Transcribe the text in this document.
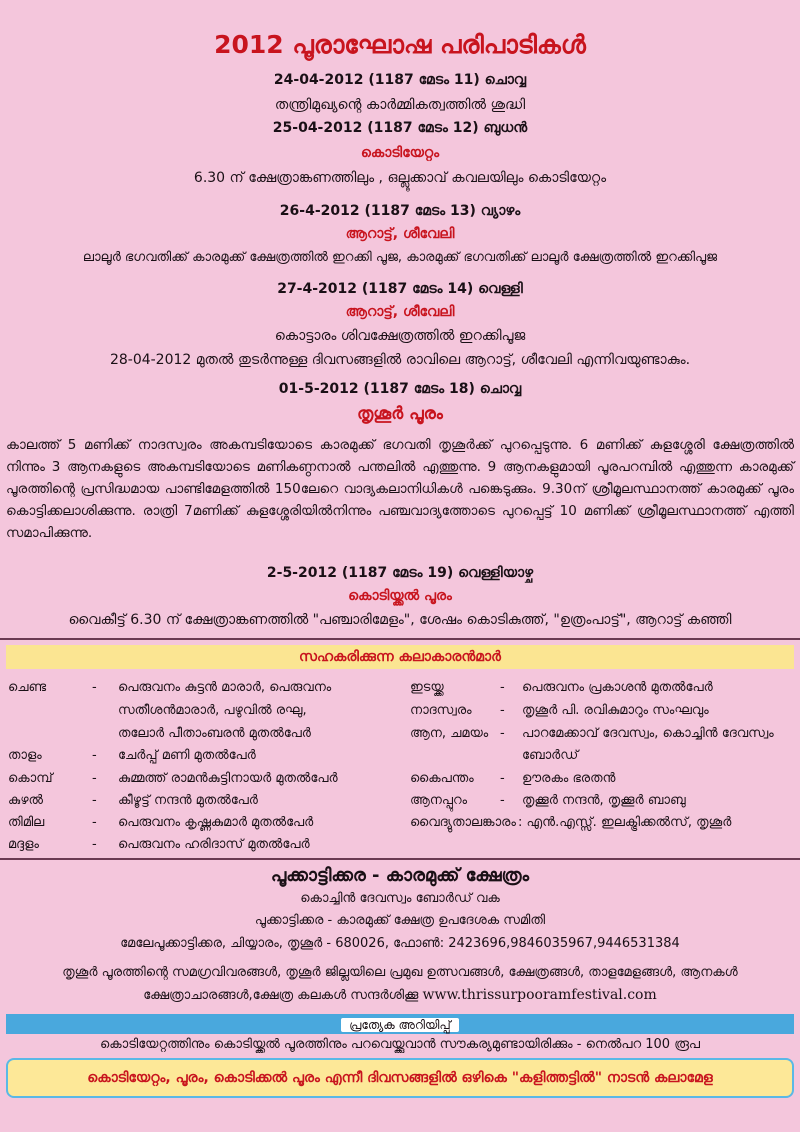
2012 പൂരാഘോഷ പരിപാടികൾ
24-04-2012 (1187 മേടം 11) ചൊവ്വ
തന്ത്രിമുഖ്യന്റെ കാർമ്മികത്വത്തിൽ ശുദ്ധി
25-04-2012 (1187 മേടം 12) ബുധൻ
കൊടിയേറ്റം
6.30 ന് ക്ഷേത്രാങ്കണത്തിലും , ഒല്ലൂക്കാവ് കവലയിലും കൊടിയേറ്റം
26-4-2012 (1187 മേടം 13) വ്യാഴം
ആറാട്ട്, ശീവേലി
ലാലൂർ ഭഗവതിക്ക് കാരമുക്ക് ക്ഷേത്രത്തിൽ ഇറക്കി പൂജ, കാരമുക്ക് ഭഗവതിക്ക് ലാലൂർ ക്ഷേത്രത്തിൽ ഇറക്കിപൂജ
27-4-2012 (1187 മേടം 14) വെള്ളി
ആറാട്ട്, ശീവേലി
കൊട്ടാരം ശിവക്ഷേത്രത്തിൽ ഇറക്കിപൂജ
28-04-2012 മുതൽ തുടർന്നുള്ള ദിവസങ്ങളിൽ രാവിലെ ആറാട്ട്, ശീവേലി എന്നിവയുണ്ടാകും.
01-5-2012 (1187 മേടം 18) ചൊവ്വ
തൃശൂർ പൂരം
കാലത്ത് 5 മണിക്ക് നാദസ്വരം അകമ്പടിയോടെ കാരമുക്ക് ഭഗവതി തൃശൂർക്ക് പുറപ്പെടുന്നു. 6 മണിക്ക് കുളശ്ശേരി ക്ഷേത്രത്തിൽ നിന്നും 3 ആനകളുടെ അകമ്പടിയോടെ മണികണ്ഠനാൽ പന്തലിൽ എത്തുന്നു. 9 ആനകളുമായി പൂരപറമ്പിൽ എത്തുന്ന കാരമുക്ക് പൂരത്തിന്റെ പ്രസിദ്ധമായ പാണ്ടിമേളത്തിൽ 150ലേറെ വാദ്യകലാനിധികൾ പങ്കെടുക്കും. 9.30ന് ശ്രീമൂലസ്ഥാനത്ത് കാരമുക്ക് പൂരം കൊട്ടിക്കലാശിക്കുന്നു. രാത്രി 7മണിക്ക് കുളശ്ശേരിയിൽനിന്നും പഞ്ചവാദ്യത്തോടെ പുറപ്പെട്ട് 10 മണിക്ക് ശ്രീമൂലസ്ഥാനത്ത് എത്തി സമാപിക്കുന്നു.
2-5-2012 (1187 മേടം 19) വെള്ളിയാഴ്ച
കൊടിയ്ക്കൽ പൂരം
വൈകീട്ട് 6.30 ന് ക്ഷേത്രാങ്കണത്തിൽ "പഞ്ചാരിമേളം", ശേഷം കൊടികുത്ത്, "ഉത്രംപാട്ട്", ആറാട്ട് കഞ്ഞി
സഹകരിക്കുന്ന കലാകാരൻമാർ
ചെണ്ട	- പെരുവനം കുട്ടൻ മാരാർ, പെരുവനം
സതീശൻമാരാർ, പഴുവിൽ രഘു,
തലോർ പീതാംബരൻ മുതൽപേർ
താളം	- ചേർപ്പ് മണി മുതൽപേർ
കൊമ്പ്	- കുമ്മത്ത് രാമൻകുട്ടിനായർ മുതൽപേർ
കുഴൽ	- കീഴൂട്ട് നന്ദൻ മുതൽപേർ
തിമില	- പെരുവനം കൃഷ്ണകുമാർ മുതൽപേർ
മദ്ദളം	- പെരുവനം ഹരിദാസ് മുതൽപേർ
ഇടയ്ക്ക	- പെരുവനം പ്രകാശൻ മുതൽപേർ
നാദസ്വരം - തൃശൂർ പി. രവികുമാറും സംഘവും
ആന, ചമയം - പാറമേക്കാവ് ദേവസ്വം, കൊച്ചിൻ ദേവസ്വം
ബോർഡ്
കൈപന്തം - ഊരകം ഭരതൻ
ആനപ്പുറം	- തൃക്കൂർ നന്ദൻ, തൃക്കൂർ ബാബു
വൈദ്യുതാലങ്കാരം : എൻ.എസ്സ്. ഇലക്ട്രിക്കൽസ്, തൃശൂർ
പൂക്കാട്ടിക്കര - കാരമുക്ക് ക്ഷേത്രം
കൊച്ചിൻ ദേവസ്വം ബോർഡ് വക
പൂക്കാട്ടിക്കര - കാരമുക്ക് ക്ഷേത്ര ഉപദേശക സമിതി
മേലേപൂക്കാട്ടിക്കര, ചിയ്യാരം, തൃശൂർ - 680026, ഫോൺ: 2423696,9846035967,9446531384
തൃശൂർ പൂരത്തിന്റെ സമഗ്രവിവരങ്ങൾ, തൃശൂർ ജില്ലയിലെ പ്രമുഖ ഉത്സവങ്ങൾ, ക്ഷേത്രങ്ങൾ, താളമേളങ്ങൾ, ആനകൾ
ക്ഷേത്രാചാരങ്ങൾ,ക്ഷേത്ര കലകൾ സന്ദർശിക്കൂ www.thrissurpooramfestival.com
പ്രത്യേക അറിയിപ്പ്
കൊടിയേറ്റത്തിനും കൊടിയ്ക്കൽ പൂരത്തിനും പറവെയ്ക്കുവാൻ സൗകര്യമുണ്ടായിരിക്കും - നെൽപറ 100 രൂപ
കൊടിയേറ്റം, പൂരം, കൊടിക്കൽ പൂരം എന്നീ ദിവസങ്ങളിൽ ഒഴികെ "കളിത്തട്ടിൽ" നാടൻ കലാമേള
